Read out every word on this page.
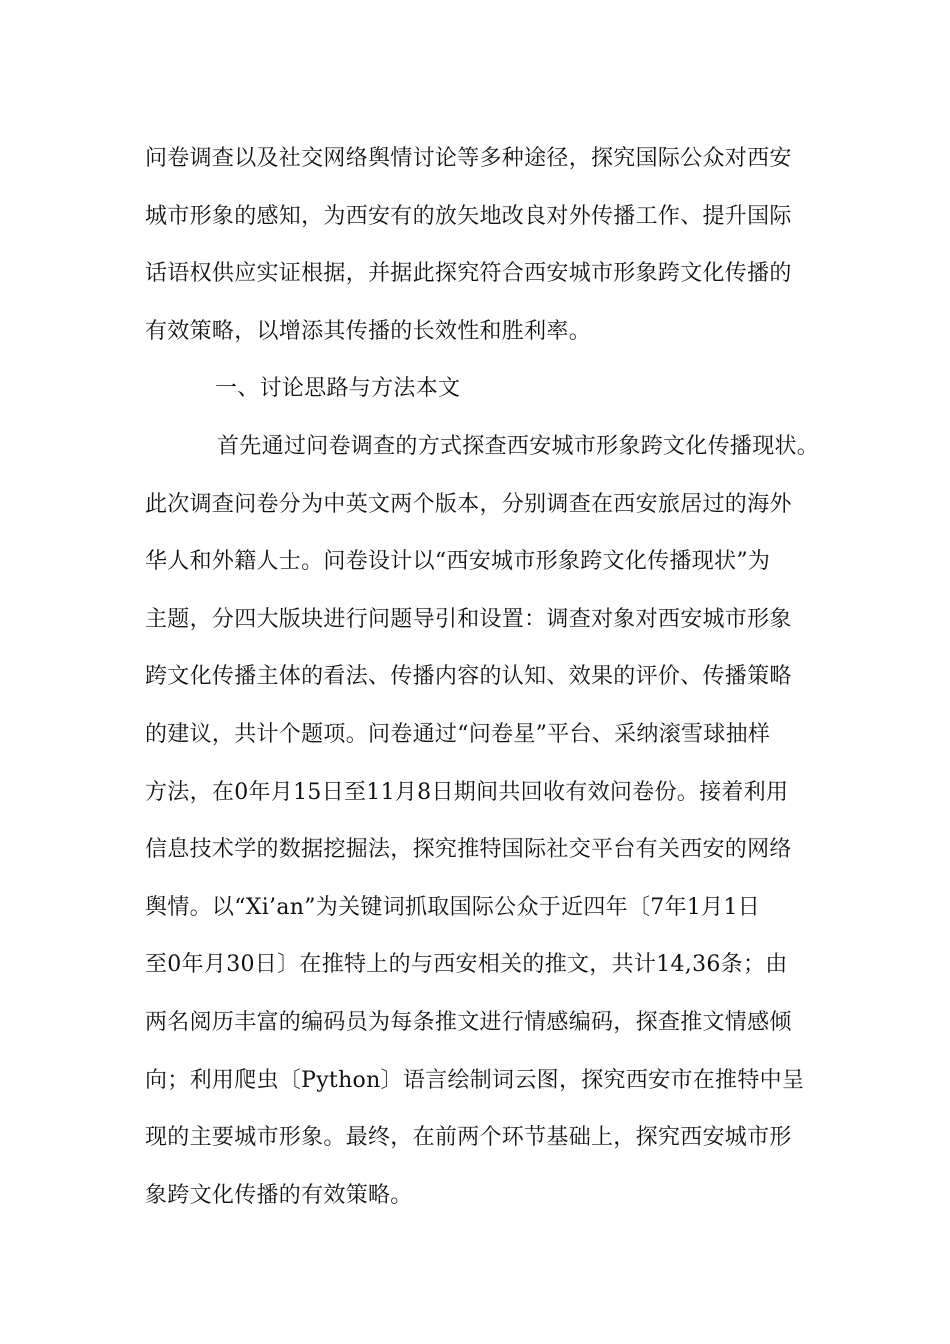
问卷调查以及社交网络舆情讨论等多种途径，探究国际公众对西安
城市形象的感知，为西安有的放矢地改良对外传播工作、提升国际
话语权供应实证根据，并据此探究符合西安城市形象跨文化传播的
有效策略，以增添其传播的长效性和胜利率。
一、讨论思路与方法本文
首先通过问卷调查的方式探查西安城市形象跨文化传播现状。
此次调查问卷分为中英文两个版本，分别调查在西安旅居过的海外
华人和外籍人士。问卷设计以“西安城市形象跨文化传播现状”为
主题，分四大版块进行问题导引和设置：调查对象对西安城市形象
跨文化传播主体的看法、传播内容的认知、效果的评价、传播策略
的建议，共计个题项。问卷通过“问卷星”平台、采纳滚雪球抽样
方法，在0年月15日至11月8日期间共回收有效问卷份。接着利用
信息技术学的数据挖掘法，探究推特国际社交平台有关西安的网络
舆情。以“Xi’an”为关键词抓取国际公众于近四年〔7年1月1日
至0年月30日〕在推特上的与西安相关的推文，共计14,36条；由
两名阅历丰富的编码员为每条推文进行情感编码，探查推文情感倾
向；利用爬虫〔Python〕语言绘制词云图，探究西安市在推特中呈
现的主要城市形象。最终，在前两个环节基础上，探究西安城市形
象跨文化传播的有效策略。
